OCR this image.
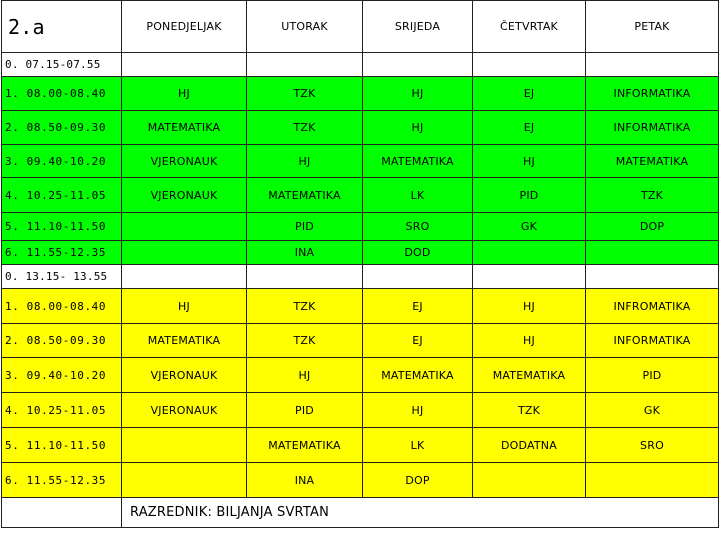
2.a	PONEDJELJAK	UTORAK	SRIJEDA	ČETVRTAK	PETAK
0. 07.15-07.55					
1. 08.00-08.40	HJ	TZK	HJ	EJ	INFORMATIKA
2. 08.50-09.30	MATEMATIKA	TZK	HJ	EJ	INFORMATIKA
3. 09.40-10.20	VJERONAUK	HJ	MATEMATIKA	HJ	MATEMATIKA
4. 10.25-11.05	VJERONAUK	MATEMATIKA	LK	PID	TZK
5. 11.10-11.50		PID	SRO	GK	DOP
6. 11.55-12.35		INA	DOD		
0. 13.15- 13.55					
1. 08.00-08.40	HJ	TZK	EJ	HJ	INFROMATIKA
2. 08.50-09.30	MATEMATIKA	TZK	EJ	HJ	INFORMATIKA
3. 09.40-10.20	VJERONAUK	HJ	MATEMATIKA	MATEMATIKA	PID
4. 10.25-11.05	VJERONAUK	PID	HJ	TZK	GK
5. 11.10-11.50		MATEMATIKA	LK	DODATNA	SRO
6. 11.55-12.35		INA	DOP		
	RAZREDNIK: BILJANJA SVRTAN				
